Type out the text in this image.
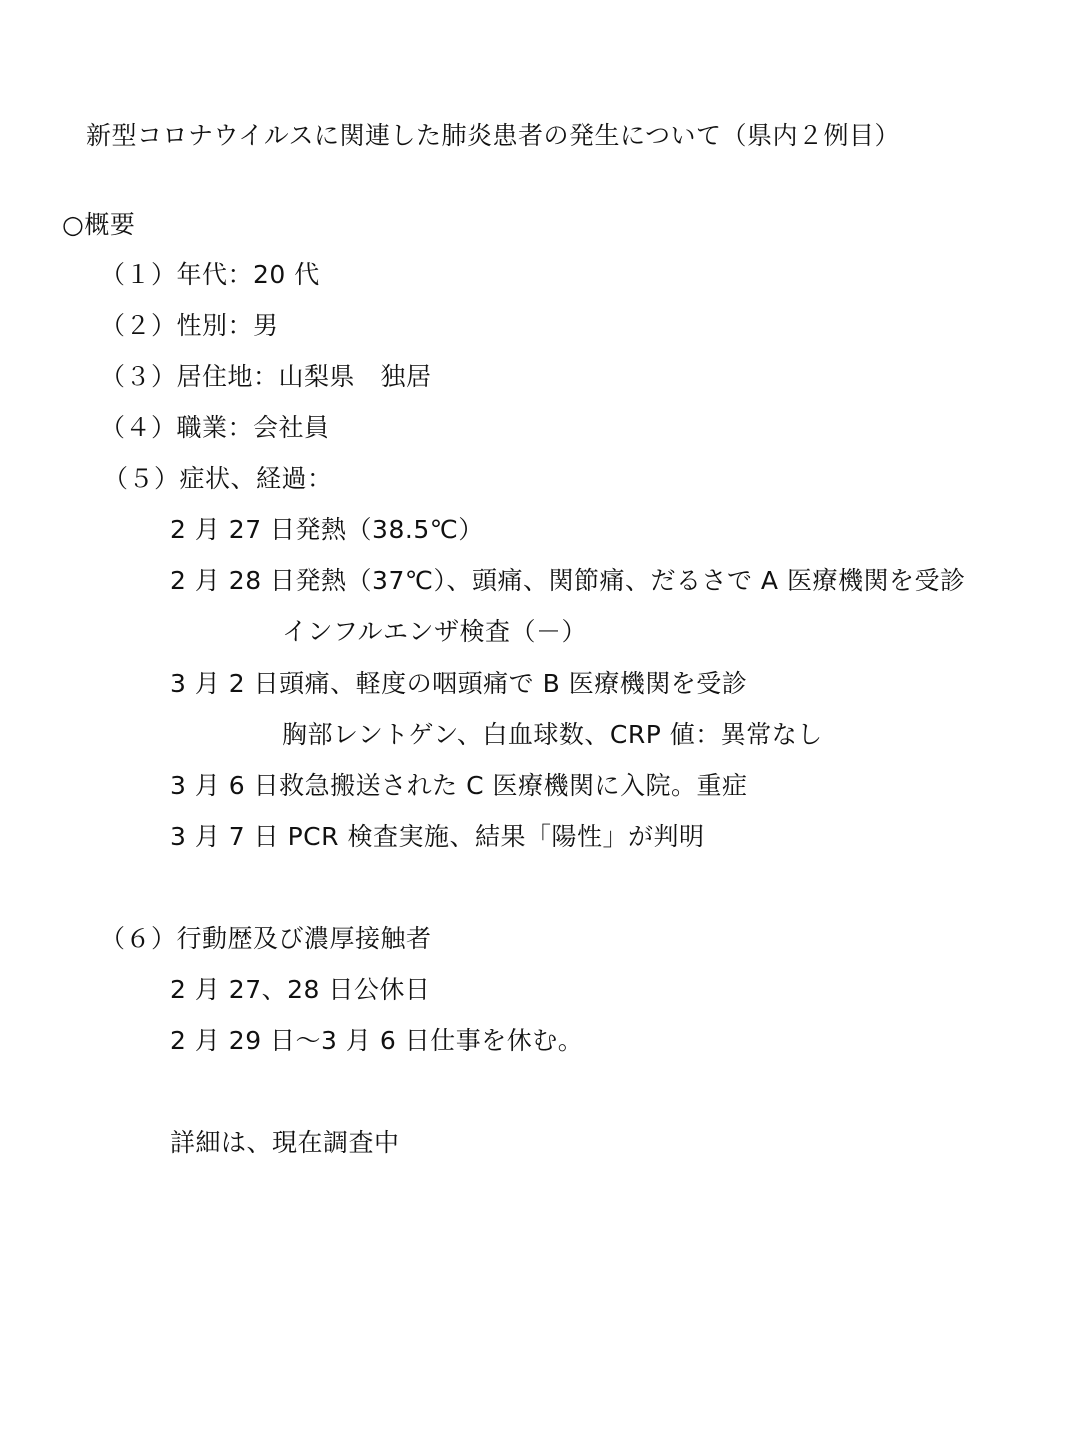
新型コロナウイルスに関連した肺炎患者の発生について（県内２例目）
○概要
（１）年代：20 代
（２）性別：男
（３）居住地：山梨県　独居
（４）職業：会社員
（５）症状、経過：
2 月 27 日発熱（38.5℃）
2 月 28 日発熱（37℃）、頭痛、関節痛、だるさで A 医療機関を受診
インフルエンザ検査（－）
3 月 2 日頭痛、軽度の咽頭痛で B 医療機関を受診
胸部レントゲン、白血球数、CRP 値：異常なし
3 月 6 日救急搬送された C 医療機関に入院。重症
3 月 7 日 PCR 検査実施、結果「陽性」が判明
（６）行動歴及び濃厚接触者
2 月 27、28 日公休日
2 月 29 日～3 月 6 日仕事を休む。
詳細は、現在調査中
